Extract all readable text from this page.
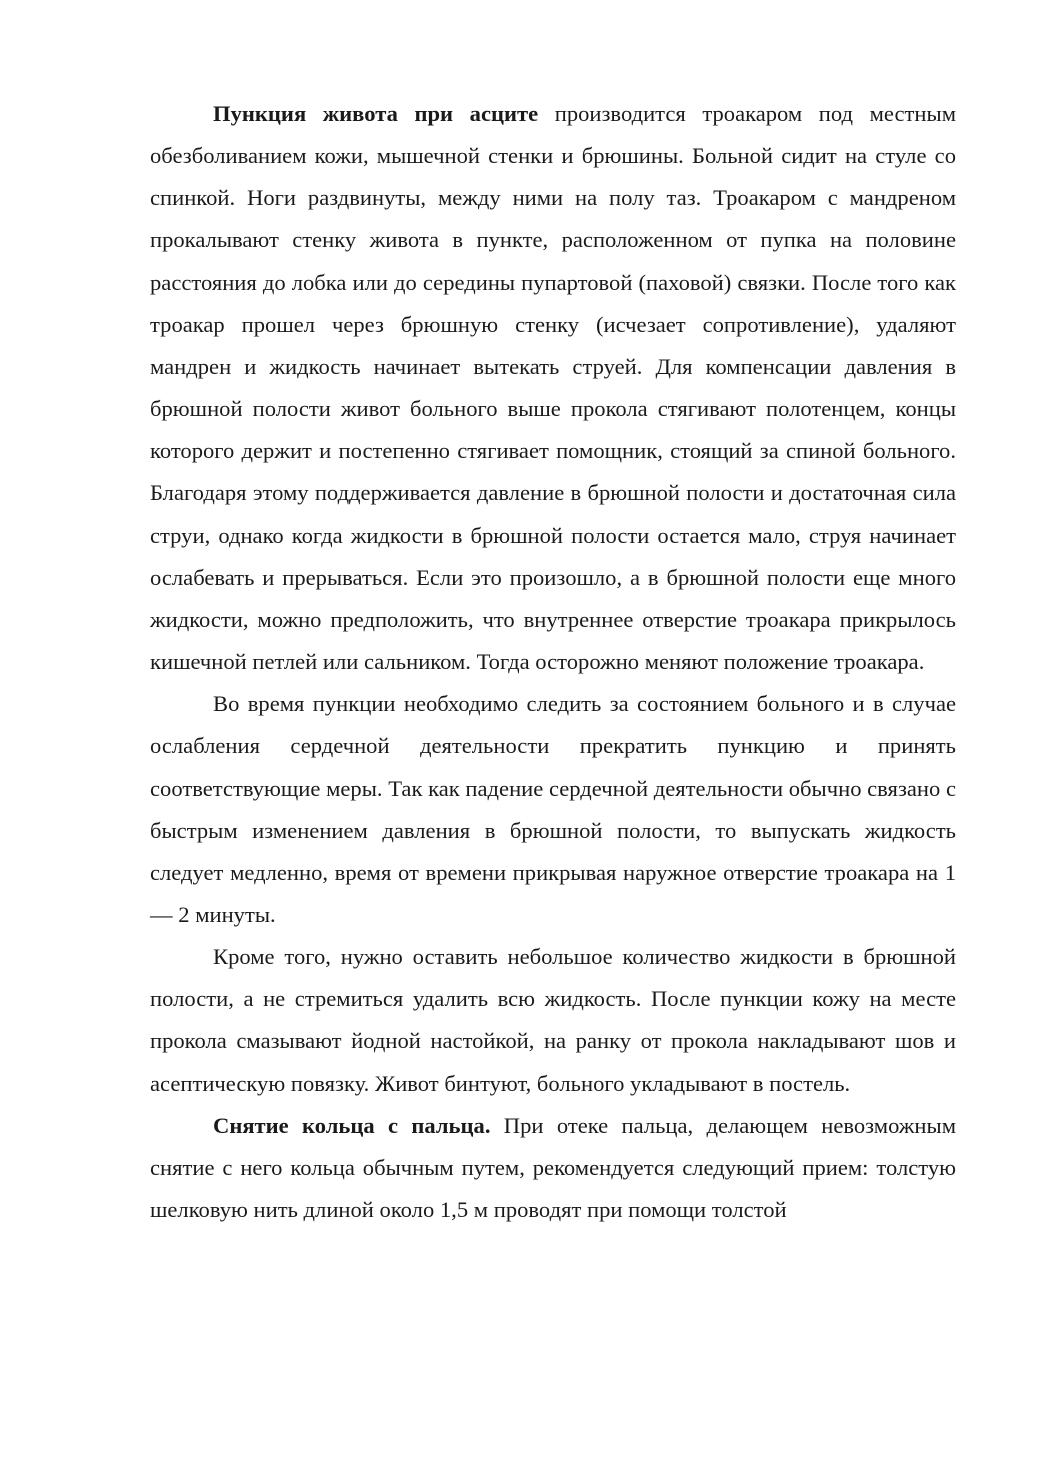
Пункция живота при асците производится троакаром под местным обезболиванием кожи, мышечной стенки и брюшины. Больной сидит на стуле со спинкой. Ноги раздвинуты, между ними на полу таз. Троакаром с мандреном прокалывают стенку живота в пункте, расположенном от пупка на половине расстояния до лобка или до середины пупартовой (паховой) связки. После того как троакар прошел через брюшную стенку (исчезает сопротивление), удаляют мандрен и жидкость начинает вытекать струей. Для компенсации давления в брюшной полости живот больного выше прокола стягивают полотенцем, концы которого держит и постепенно стягивает помощник, стоящий за спиной больного. Благодаря этому поддерживается давление в брюшной полости и достаточная сила струи, однако когда жидкости в брюшной полости остается мало, струя начинает ослабевать и прерываться. Если это произошло, а в брюшной полости еще много жидкости, можно предположить, что внутреннее отверстие троакара прикрылось кишечной петлей или сальником. Тогда осторожно меняют положение троакара.

Во время пункции необходимо следить за состоянием больного и в случае ослабления сердечной деятельности прекратить пункцию и принять соответствующие меры. Так как падение сердечной деятельности обычно связано с быстрым изменением давления в брюшной полости, то выпускать жидкость следует медленно, время от времени прикрывая наружное отверстие троакара на 1— 2 минуты.

Кроме того, нужно оставить небольшое количество жидкости в брюшной полости, а не стремиться удалить всю жидкость. После пункции кожу на месте прокола смазывают йодной настойкой, на ранку от прокола накладывают шов и асептическую повязку. Живот бинтуют, больного укладывают в постель.

Снятие кольца с пальца. При отеке пальца, делающем невозможным снятие с него кольца обычным путем, рекомендуется следующий прием: толстую шелковую нить длиной около 1,5 м проводят при помощи толстой
